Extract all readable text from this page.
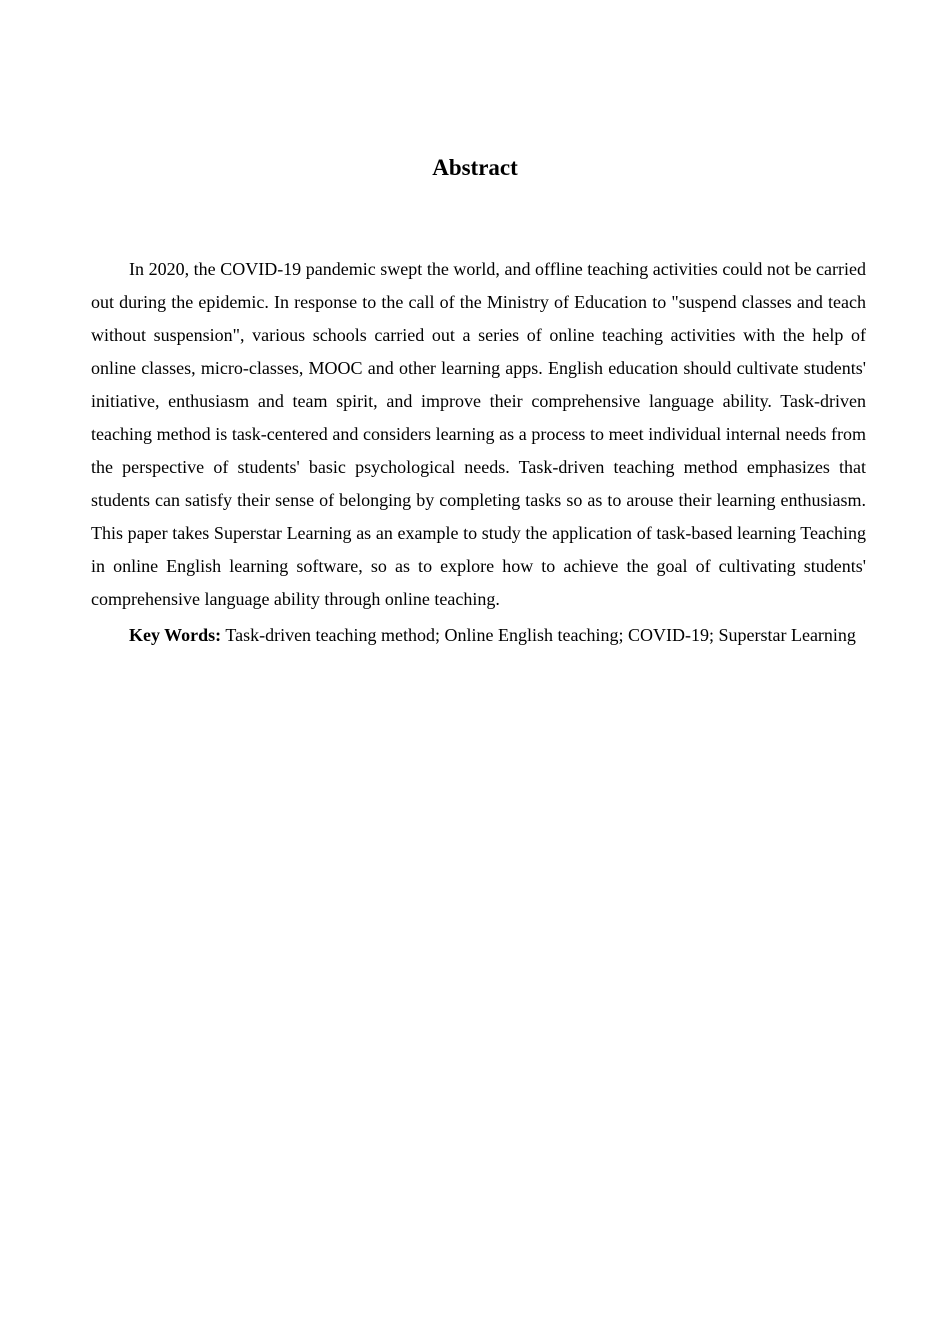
Abstract

In 2020, the COVID-19 pandemic swept the world, and offline teaching activities could not be carried out during the epidemic. In response to the call of the Ministry of Education to "suspend classes and teach without suspension", various schools carried out a series of online teaching activities with the help of online classes, micro-classes, MOOC and other learning apps. English education should cultivate students' initiative, enthusiasm and team spirit, and improve their comprehensive language ability. Task-driven teaching method is task-centered and considers learning as a process to meet individual internal needs from the perspective of students' basic psychological needs. Task-driven teaching method emphasizes that students can satisfy their sense of belonging by completing tasks so as to arouse their learning enthusiasm. This paper takes Superstar Learning as an example to study the application of task-based learning Teaching in online English learning software, so as to explore how to achieve the goal of cultivating students' comprehensive language ability through online teaching.

Key Words: Task-driven teaching method; Online English teaching; COVID-19; Superstar Learning
